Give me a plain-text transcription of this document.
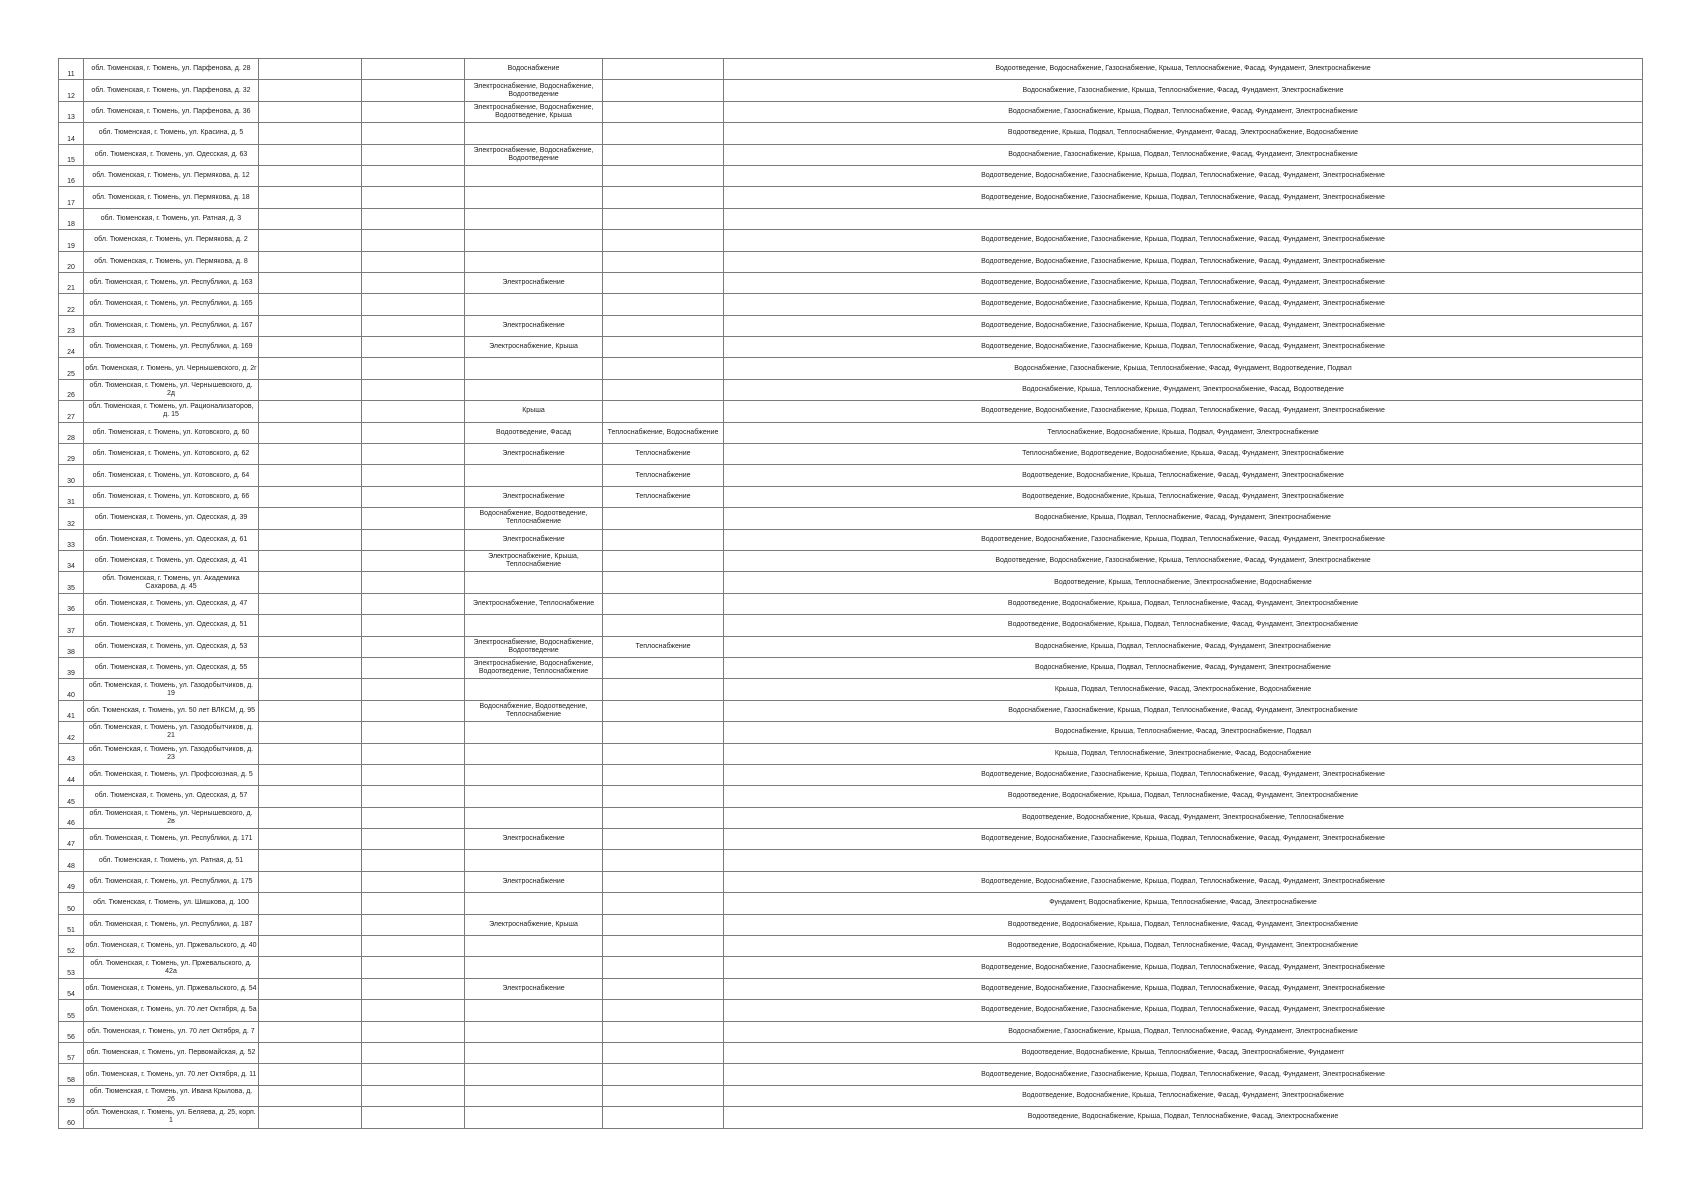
11	обл. Тюменская, г. Тюмень, ул. Парфенова, д. 28			Водоснабжение		Водоотведение, Водоснабжение, Газоснабжение, Крыша, Теплоснабжение, Фасад, Фундамент, Электроснабжение
12	обл. Тюменская, г. Тюмень, ул. Парфенова, д. 32			Электроснабжение, Водоснабжение, Водоотведение		Водоснабжение, Газоснабжение, Крыша, Теплоснабжение, Фасад, Фундамент, Электроснабжение
13	обл. Тюменская, г. Тюмень, ул. Парфенова, д. 36			Электроснабжение, Водоснабжение, Водоотведение, Крыша		Водоснабжение, Газоснабжение, Крыша, Подвал, Теплоснабжение, Фасад, Фундамент, Электроснабжение
14	обл. Тюменская, г. Тюмень, ул. Красина, д. 5					Водоотведение, Крыша, Подвал, Теплоснабжение, Фундамент, Фасад, Электроснабжение, Водоснабжение
15	обл. Тюменская, г. Тюмень, ул. Одесская, д. 63			Электроснабжение, Водоснабжение, Водоотведение		Водоснабжение, Газоснабжение, Крыша, Подвал, Теплоснабжение, Фасад, Фундамент, Электроснабжение
16	обл. Тюменская, г. Тюмень, ул. Пермякова, д. 12					Водоотведение, Водоснабжение, Газоснабжение, Крыша, Подвал, Теплоснабжение, Фасад, Фундамент, Электроснабжение
17	обл. Тюменская, г. Тюмень, ул. Пермякова, д. 18					Водоотведение, Водоснабжение, Газоснабжение, Крыша, Подвал, Теплоснабжение, Фасад, Фундамент, Электроснабжение
18	обл. Тюменская, г. Тюмень, ул. Ратная, д. 3					
19	обл. Тюменская, г. Тюмень, ул. Пермякова, д. 2					Водоотведение, Водоснабжение, Газоснабжение, Крыша, Подвал, Теплоснабжение, Фасад, Фундамент, Электроснабжение
20	обл. Тюменская, г. Тюмень, ул. Пермякова, д. 8					Водоотведение, Водоснабжение, Газоснабжение, Крыша, Подвал, Теплоснабжение, Фасад, Фундамент, Электроснабжение
21	обл. Тюменская, г. Тюмень, ул. Республики, д. 163			Электроснабжение		Водоотведение, Водоснабжение, Газоснабжение, Крыша, Подвал, Теплоснабжение, Фасад, Фундамент, Электроснабжение
22	обл. Тюменская, г. Тюмень, ул. Республики, д. 165					Водоотведение, Водоснабжение, Газоснабжение, Крыша, Подвал, Теплоснабжение, Фасад, Фундамент, Электроснабжение
23	обл. Тюменская, г. Тюмень, ул. Республики, д. 167			Электроснабжение		Водоотведение, Водоснабжение, Газоснабжение, Крыша, Подвал, Теплоснабжение, Фасад, Фундамент, Электроснабжение
24	обл. Тюменская, г. Тюмень, ул. Республики, д. 169			Электроснабжение, Крыша		Водоотведение, Водоснабжение, Газоснабжение, Крыша, Подвал, Теплоснабжение, Фасад, Фундамент, Электроснабжение
25	обл. Тюменская, г. Тюмень, ул. Чернышевского, д. 2г					Водоснабжение, Газоснабжение, Крыша, Теплоснабжение, Фасад, Фундамент, Водоотведение, Подвал
26	обл. Тюменская, г. Тюмень, ул. Чернышевского, д. 2д					Водоснабжение, Крыша, Теплоснабжение, Фундамент, Электроснабжение, Фасад, Водоотведение
27	обл. Тюменская, г. Тюмень, ул. Рационализаторов, д. 15			Крыша		Водоотведение, Водоснабжение, Газоснабжение, Крыша, Подвал, Теплоснабжение, Фасад, Фундамент, Электроснабжение
28	обл. Тюменская, г. Тюмень, ул. Котовского, д. 60			Водоотведение, Фасад	Теплоснабжение, Водоснабжение	Теплоснабжение, Водоснабжение, Крыша, Подвал, Фундамент, Электроснабжение
29	обл. Тюменская, г. Тюмень, ул. Котовского, д. 62			Электроснабжение	Теплоснабжение	Теплоснабжение, Водоотведение, Водоснабжение, Крыша, Фасад, Фундамент, Электроснабжение
30	обл. Тюменская, г. Тюмень, ул. Котовского, д. 64				Теплоснабжение	Водоотведение, Водоснабжение, Крыша, Теплоснабжение, Фасад, Фундамент, Электроснабжение
31	обл. Тюменская, г. Тюмень, ул. Котовского, д. 66			Электроснабжение	Теплоснабжение	Водоотведение, Водоснабжение, Крыша, Теплоснабжение, Фасад, Фундамент, Электроснабжение
32	обл. Тюменская, г. Тюмень, ул. Одесская, д. 39			Водоснабжение, Водоотведение, Теплоснабжение		Водоснабжение, Крыша, Подвал, Теплоснабжение, Фасад, Фундамент, Электроснабжение
33	обл. Тюменская, г. Тюмень, ул. Одесская, д. 61			Электроснабжение		Водоотведение, Водоснабжение, Газоснабжение, Крыша, Подвал, Теплоснабжение, Фасад, Фундамент, Электроснабжение
34	обл. Тюменская, г. Тюмень, ул. Одесская, д. 41			Электроснабжение, Крыша, Теплоснабжение		Водоотведение, Водоснабжение, Газоснабжение, Крыша, Теплоснабжение, Фасад, Фундамент, Электроснабжение
35	обл. Тюменская, г. Тюмень, ул. Академика Сахарова, д. 45					Водоотведение, Крыша, Теплоснабжение, Электроснабжение, Водоснабжение
36	обл. Тюменская, г. Тюмень, ул. Одесская, д. 47			Электроснабжение, Теплоснабжение		Водоотведение, Водоснабжение, Крыша, Подвал, Теплоснабжение, Фасад, Фундамент, Электроснабжение
37	обл. Тюменская, г. Тюмень, ул. Одесская, д. 51					Водоотведение, Водоснабжение, Крыша, Подвал, Теплоснабжение, Фасад, Фундамент, Электроснабжение
38	обл. Тюменская, г. Тюмень, ул. Одесская, д. 53			Электроснабжение, Водоснабжение, Водоотведение	Теплоснабжение	Водоснабжение, Крыша, Подвал, Теплоснабжение, Фасад, Фундамент, Электроснабжение
39	обл. Тюменская, г. Тюмень, ул. Одесская, д. 55			Электроснабжение, Водоснабжение, Водоотведение, Теплоснабжение		Водоснабжение, Крыша, Подвал, Теплоснабжение, Фасад, Фундамент, Электроснабжение
40	обл. Тюменская, г. Тюмень, ул. Газодобытчиков, д. 19					Крыша, Подвал, Теплоснабжение, Фасад, Электроснабжение, Водоснабжение
41	обл. Тюменская, г. Тюмень, ул. 50 лет ВЛКСМ, д. 95			Водоснабжение, Водоотведение, Теплоснабжение		Водоснабжение, Газоснабжение, Крыша, Подвал, Теплоснабжение, Фасад, Фундамент, Электроснабжение
42	обл. Тюменская, г. Тюмень, ул. Газодобытчиков, д. 21					Водоснабжение, Крыша, Теплоснабжение, Фасад, Электроснабжение, Подвал
43	обл. Тюменская, г. Тюмень, ул. Газодобытчиков, д. 23					Крыша, Подвал, Теплоснабжение, Электроснабжение, Фасад, Водоснабжение
44	обл. Тюменская, г. Тюмень, ул. Профсоюзная, д. 5					Водоотведение, Водоснабжение, Газоснабжение, Крыша, Подвал, Теплоснабжение, Фасад, Фундамент, Электроснабжение
45	обл. Тюменская, г. Тюмень, ул. Одесская, д. 57					Водоотведение, Водоснабжение, Крыша, Подвал, Теплоснабжение, Фасад, Фундамент, Электроснабжение
46	обл. Тюменская, г. Тюмень, ул. Чернышевского, д. 2в					Водоотведение, Водоснабжение, Крыша, Фасад, Фундамент, Электроснабжение, Теплоснабжение
47	обл. Тюменская, г. Тюмень, ул. Республики, д. 171			Электроснабжение		Водоотведение, Водоснабжение, Газоснабжение, Крыша, Подвал, Теплоснабжение, Фасад, Фундамент, Электроснабжение
48	обл. Тюменская, г. Тюмень, ул. Ратная, д. 51					
49	обл. Тюменская, г. Тюмень, ул. Республики, д. 175			Электроснабжение		Водоотведение, Водоснабжение, Газоснабжение, Крыша, Подвал, Теплоснабжение, Фасад, Фундамент, Электроснабжение
50	обл. Тюменская, г. Тюмень, ул. Шишкова, д. 100					Фундамент, Водоснабжение, Крыша, Теплоснабжение, Фасад, Электроснабжение
51	обл. Тюменская, г. Тюмень, ул. Республики, д. 187			Электроснабжение, Крыша		Водоотведение, Водоснабжение, Крыша, Подвал, Теплоснабжение, Фасад, Фундамент, Электроснабжение
52	обл. Тюменская, г. Тюмень, ул. Пржевальского, д. 40					Водоотведение, Водоснабжение, Крыша, Подвал, Теплоснабжение, Фасад, Фундамент, Электроснабжение
53	обл. Тюменская, г. Тюмень, ул. Пржевальского, д. 42а					Водоотведение, Водоснабжение, Газоснабжение, Крыша, Подвал, Теплоснабжение, Фасад, Фундамент, Электроснабжение
54	обл. Тюменская, г. Тюмень, ул. Пржевальского, д. 54			Электроснабжение		Водоотведение, Водоснабжение, Газоснабжение, Крыша, Подвал, Теплоснабжение, Фасад, Фундамент, Электроснабжение
55	обл. Тюменская, г. Тюмень, ул. 70 лет Октября, д. 5а					Водоотведение, Водоснабжение, Газоснабжение, Крыша, Подвал, Теплоснабжение, Фасад, Фундамент, Электроснабжение
56	обл. Тюменская, г. Тюмень, ул. 70 лет Октября, д. 7					Водоснабжение, Газоснабжение, Крыша, Подвал, Теплоснабжение, Фасад, Фундамент, Электроснабжение
57	обл. Тюменская, г. Тюмень, ул. Первомайская, д. 52					Водоотведение, Водоснабжение, Крыша, Теплоснабжение, Фасад, Электроснабжение, Фундамент
58	обл. Тюменская, г. Тюмень, ул. 70 лет Октября, д. 11					Водоотведение, Водоснабжение, Газоснабжение, Крыша, Подвал, Теплоснабжение, Фасад, Фундамент, Электроснабжение
59	обл. Тюменская, г. Тюмень, ул. Ивана Крылова, д. 26					Водоотведение, Водоснабжение, Крыша, Теплоснабжение, Фасад, Фундамент, Электроснабжение
60	обл. Тюменская, г. Тюмень, ул. Беляева, д. 25, корп. 1					Водоотведение, Водоснабжение, Крыша, Подвал, Теплоснабжение, Фасад, Электроснабжение
